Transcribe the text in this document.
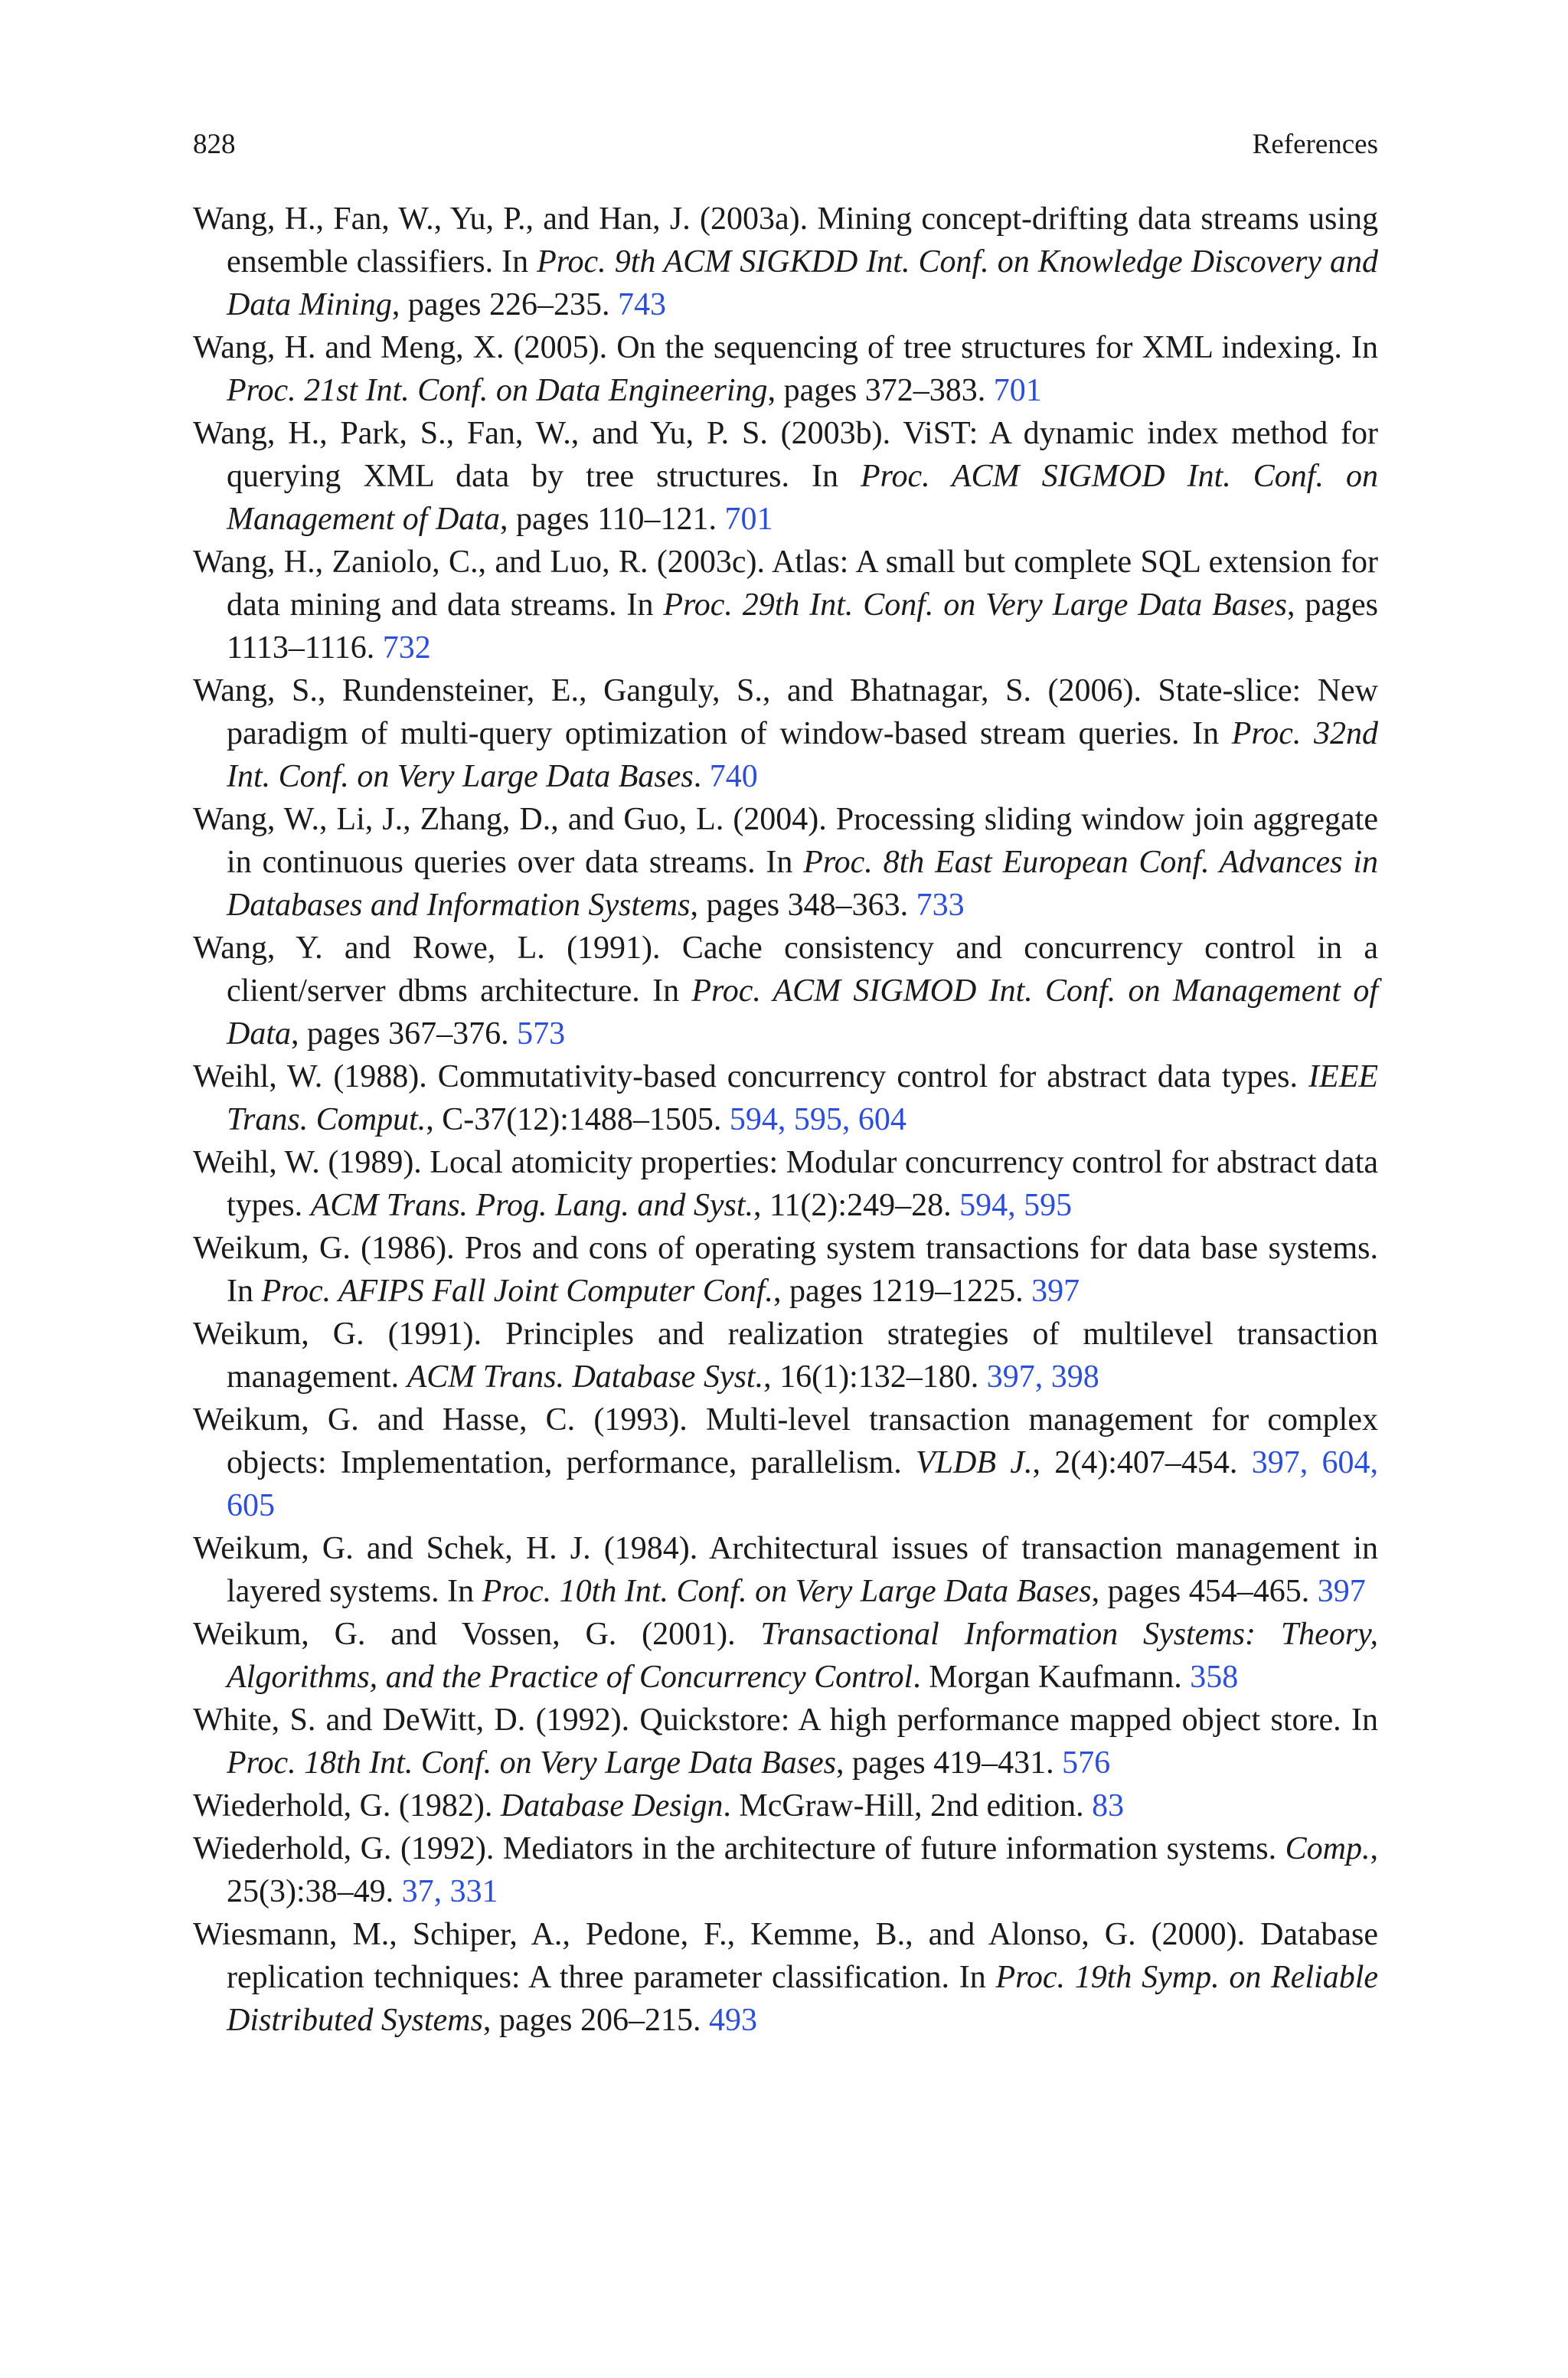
828	References
Wang, H., Fan, W., Yu, P., and Han, J. (2003a). Mining concept-drifting data streams using ensemble classifiers. In Proc. 9th ACM SIGKDD Int. Conf. on Knowledge Discovery and Data Mining, pages 226–235. 743
Wang, H. and Meng, X. (2005). On the sequencing of tree structures for XML indexing. In Proc. 21st Int. Conf. on Data Engineering, pages 372–383. 701
Wang, H., Park, S., Fan, W., and Yu, P. S. (2003b). ViST: A dynamic index method for querying XML data by tree structures. In Proc. ACM SIGMOD Int. Conf. on Management of Data, pages 110–121. 701
Wang, H., Zaniolo, C., and Luo, R. (2003c). Atlas: A small but complete SQL extension for data mining and data streams. In Proc. 29th Int. Conf. on Very Large Data Bases, pages 1113–1116. 732
Wang, S., Rundensteiner, E., Ganguly, S., and Bhatnagar, S. (2006). State-slice: New paradigm of multi-query optimization of window-based stream queries. In Proc. 32nd Int. Conf. on Very Large Data Bases. 740
Wang, W., Li, J., Zhang, D., and Guo, L. (2004). Processing sliding window join aggregate in continuous queries over data streams. In Proc. 8th East European Conf. Advances in Databases and Information Systems, pages 348–363. 733
Wang, Y. and Rowe, L. (1991). Cache consistency and concurrency control in a client/server dbms architecture. In Proc. ACM SIGMOD Int. Conf. on Management of Data, pages 367–376. 573
Weihl, W. (1988). Commutativity-based concurrency control for abstract data types. IEEE Trans. Comput., C-37(12):1488–1505. 594, 595, 604
Weihl, W. (1989). Local atomicity properties: Modular concurrency control for abstract data types. ACM Trans. Prog. Lang. and Syst., 11(2):249–28. 594, 595
Weikum, G. (1986). Pros and cons of operating system transactions for data base systems. In Proc. AFIPS Fall Joint Computer Conf., pages 1219–1225. 397
Weikum, G. (1991). Principles and realization strategies of multilevel transaction management. ACM Trans. Database Syst., 16(1):132–180. 397, 398
Weikum, G. and Hasse, C. (1993). Multi-level transaction management for complex objects: Implementation, performance, parallelism. VLDB J., 2(4):407–454. 397, 604, 605
Weikum, G. and Schek, H. J. (1984). Architectural issues of transaction management in layered systems. In Proc. 10th Int. Conf. on Very Large Data Bases, pages 454–465. 397
Weikum, G. and Vossen, G. (2001). Transactional Information Systems: Theory, Algorithms, and the Practice of Concurrency Control. Morgan Kaufmann. 358
White, S. and DeWitt, D. (1992). Quickstore: A high performance mapped object store. In Proc. 18th Int. Conf. on Very Large Data Bases, pages 419–431. 576
Wiederhold, G. (1982). Database Design. McGraw-Hill, 2nd edition. 83
Wiederhold, G. (1992). Mediators in the architecture of future information systems. Comp., 25(3):38–49. 37, 331
Wiesmann, M., Schiper, A., Pedone, F., Kemme, B., and Alonso, G. (2000). Database replication techniques: A three parameter classification. In Proc. 19th Symp. on Reliable Distributed Systems, pages 206–215. 493
